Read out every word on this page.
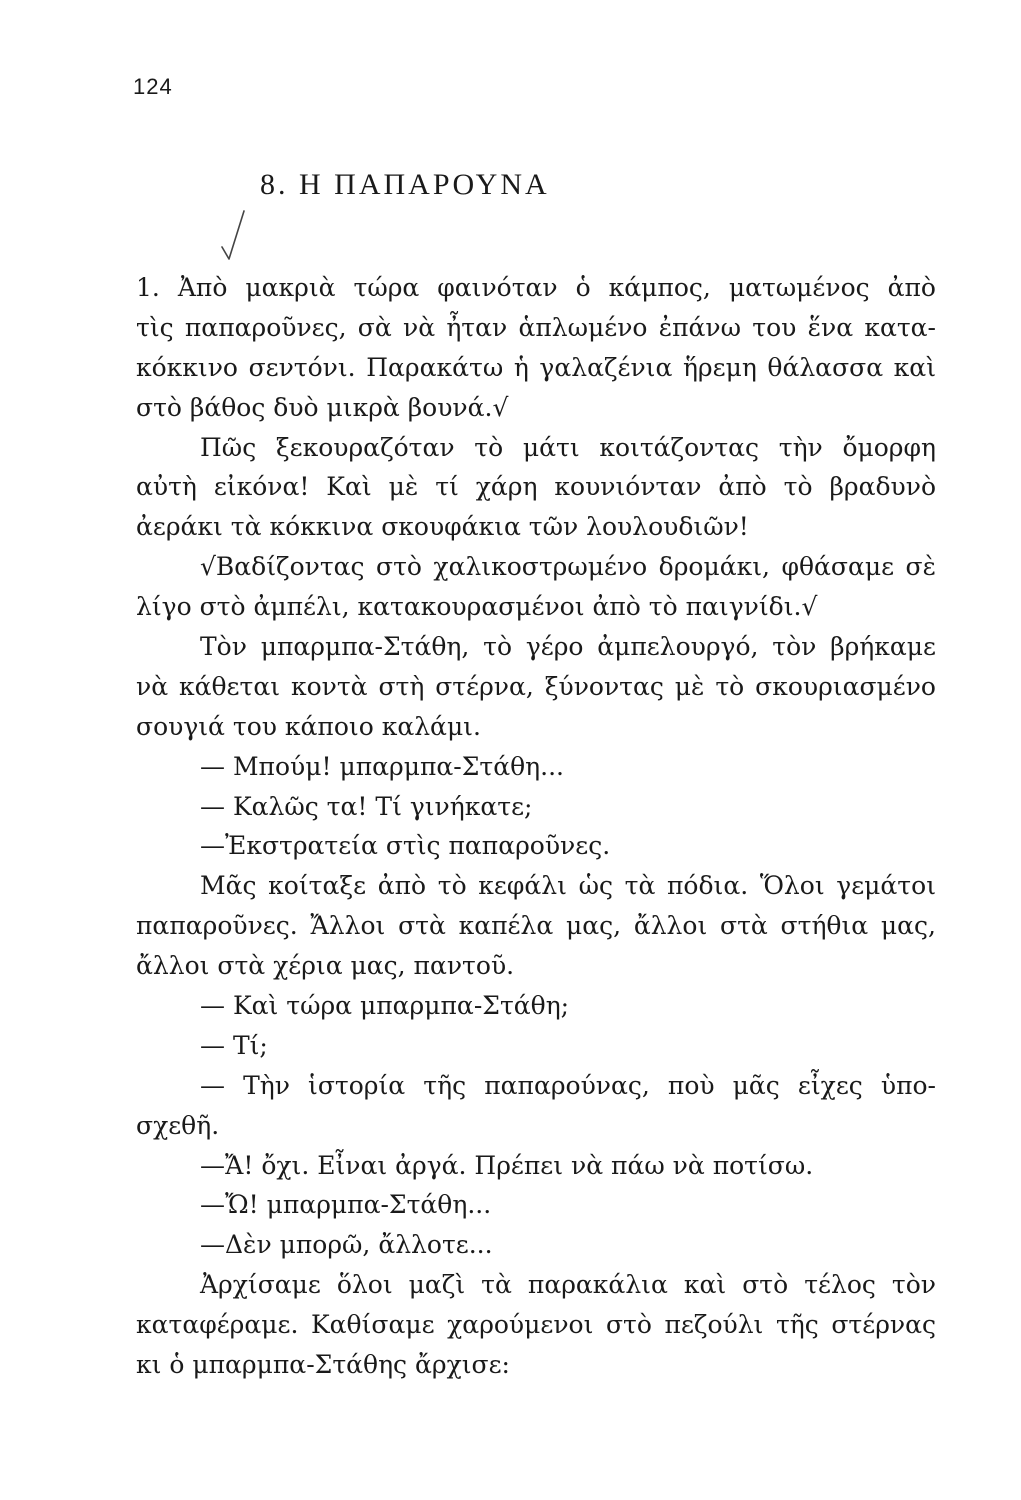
124
8. Η ΠΑΠΑΡΟΥΝΑ
1. Ἀπὸ μακριὰ τώρα φαινόταν ὁ κάμπος, ματωμένος ἀπὸ
τὶς παπαροῦνες, σὰ νὰ ἦταν ἁπλωμένο ἐπάνω του ἕνα κατα-
κόκκινο σεντόνι. Παρακάτω ἡ γαλαζένια ἥρεμη θάλασσα καὶ
στὸ βάθος δυὸ μικρὰ βουνά.√
Πῶς ξεκουραζόταν τὸ μάτι κοιτάζοντας τὴν ὄμορφη
αὐτὴ εἰκόνα! Καὶ μὲ τί χάρη κουνιόνταν ἀπὸ τὸ βραδυνὸ
ἀεράκι τὰ κόκκινα σκουφάκια τῶν λουλουδιῶν!
√Βαδίζοντας στὸ χαλικοστρωμένο δρομάκι, φθάσαμε σὲ
λίγο στὸ ἀμπέλι, κατακουρασμένοι ἀπὸ τὸ παιγνίδι.√
Τὸν μπαρμπα-Στάθη, τὸ γέρο ἀμπελουργό, τὸν βρήκαμε
νὰ κάθεται κοντὰ στὴ στέρνα, ξύνοντας μὲ τὸ σκουριασμένο
σουγιά του κάποιο καλάμι.
— Μπούμ! μπαρμπα-Στάθη...
— Καλῶς τα! Τί γινήκατε;
—Ἐκστρατεία στὶς παπαροῦνες.
Μᾶς κοίταξε ἀπὸ τὸ κεφάλι ὡς τὰ πόδια. Ὅλοι γεμάτοι
παπαροῦνες. Ἄλλοι στὰ καπέλα μας, ἄλλοι στὰ στήθια μας,
ἄλλοι στὰ χέρια μας, παντοῦ.
— Καὶ τώρα μπαρμπα-Στάθη;
— Τί;
— Τὴν ἱστορία τῆς παπαρούνας, ποὺ μᾶς εἶχες ὑπο-
σχεθῆ.
—Ἄ! ὄχι. Εἶναι ἀργά. Πρέπει νὰ πάω νὰ ποτίσω.
—Ὤ! μπαρμπα-Στάθη...
—Δὲν μπορῶ, ἄλλοτε...
Ἀρχίσαμε ὅλοι μαζὶ τὰ παρακάλια καὶ στὸ τέλος τὸν
καταφέραμε. Καθίσαμε χαρούμενοι στὸ πεζούλι τῆς στέρνας
κι ὁ μπαρμπα-Στάθης ἄρχισε:
